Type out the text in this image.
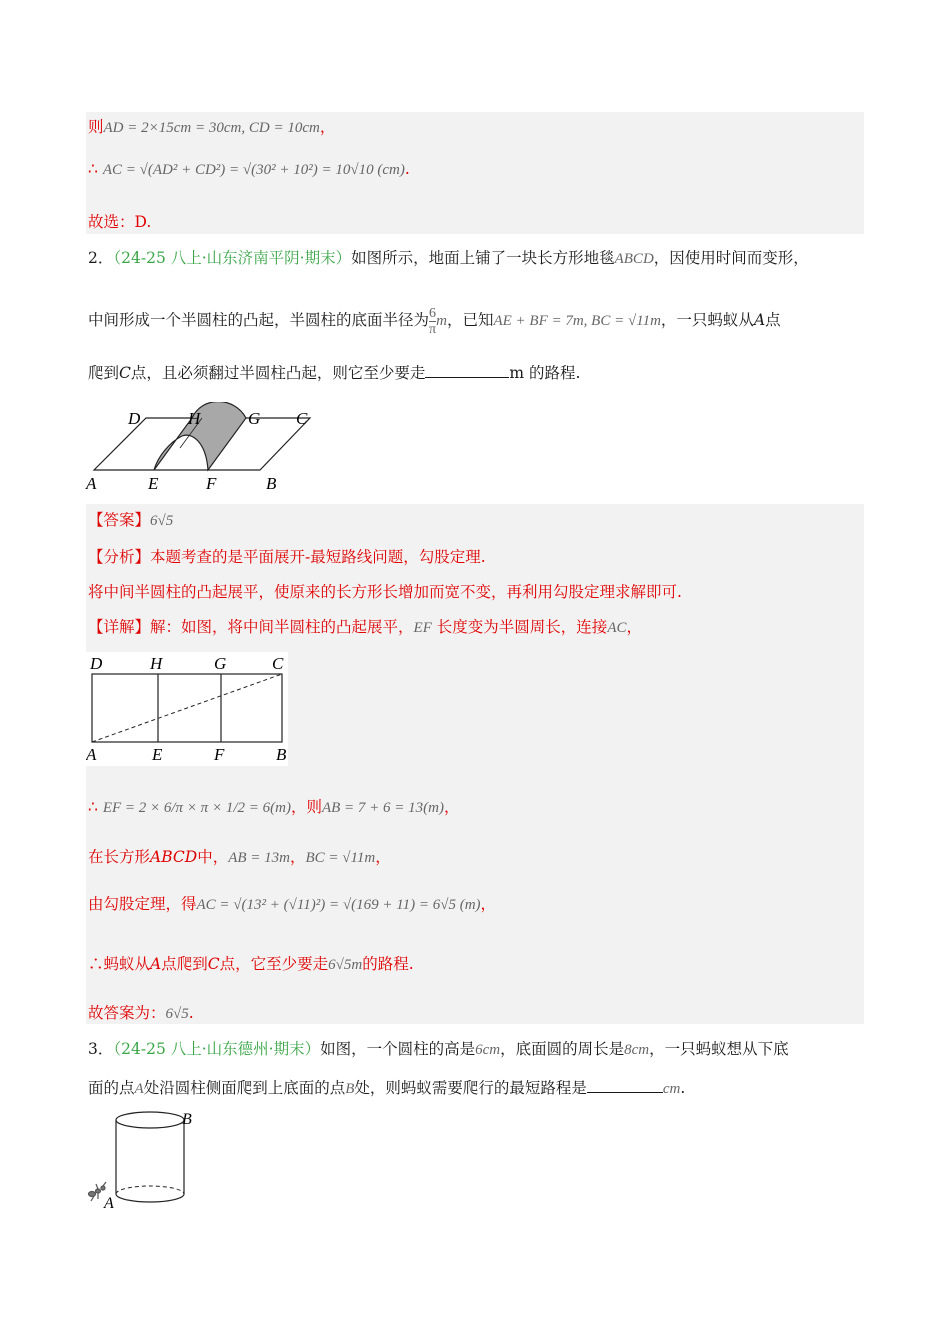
则AD = 2×15cm = 30cm, CD = 10cm，
∴ AC = √(AD² + CD²) = √(30² + 10²) = 10√10 (cm).
故选：D.
2．（24-25 八上·山东济南平阴·期末）如图所示，地面上铺了一块长方形地毯ABCD，因使用时间而变形，
中间形成一个半圆柱的凸起，半圆柱的底面半径为 $\frac{6}{\pi}$ m，已知AE + BF = 7m, BC = √11m，一只蚂蚁从A点
爬到C点，且必须翻过半圆柱凸起，则它至少要走	m 的路程.
D	H	G C
A	E	F	B
【答案】6√5
【分析】本题考查的是平面展开-最短路线问题，勾股定理.
将中间半圆柱的凸起展平，使原来的长方形长增加而宽不变，再利用勾股定理求解即可.
【详解】解：如图，将中间半圆柱的凸起展平，EF 长度变为半圆周长，连接AC，
D	H	G	C
A	E	F	B
∴ EF = 2 × 6/π × π × 1/2 = 6(m)，则AB = 7 + 6 = 13(m)，
在长方形ABCD中，AB = 13m，BC = √11m，
由勾股定理，得AC = √(13² + (√11)²) = √(169 + 11) = 6√5 (m)，
∴蚂蚁从A点爬到C点，它至少要走6√5m的路程.
故答案为：6√5.
3．（24-25 八上·山东德州·期末）如图，一个圆柱的高是6cm，底面圆的周长是8cm，一只蚂蚁想从下底
面的点A处沿圆柱侧面爬到上底面的点B处，则蚂蚁需要爬行的最短路程是	cm.
B
A
